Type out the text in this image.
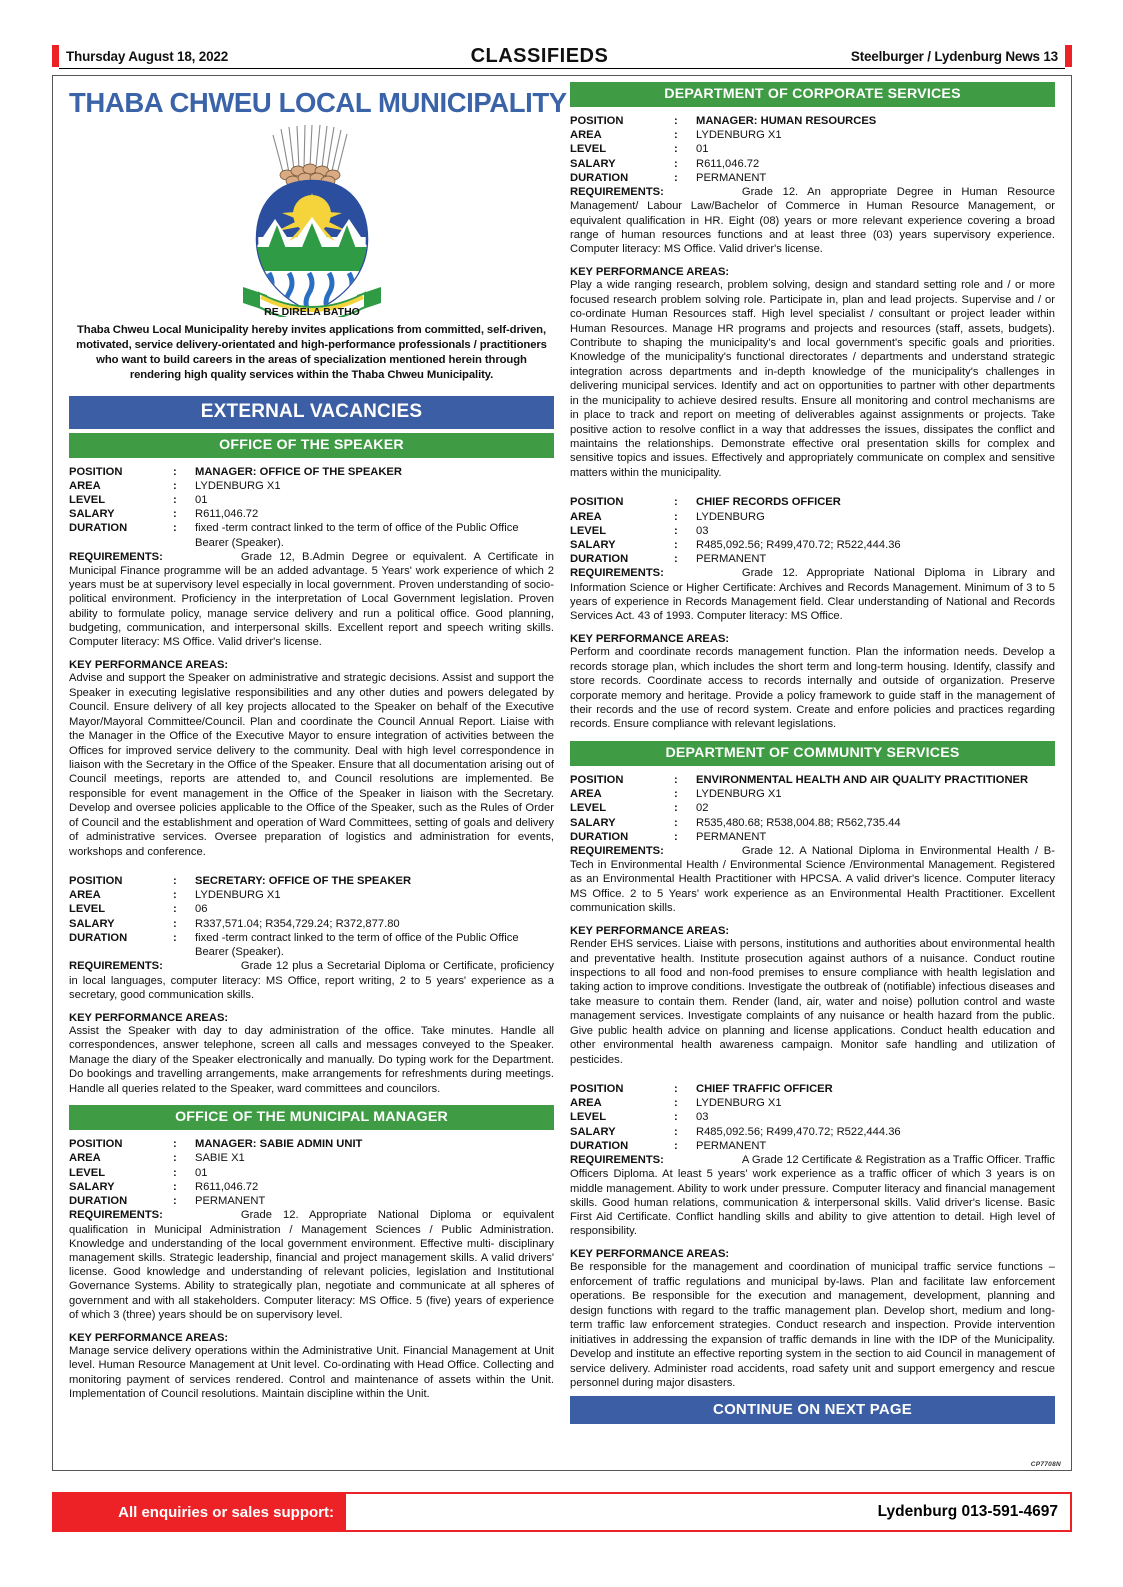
Thursday August 18, 2022	CLASSIFIEDS	Steelburger / Lydenburg News 13
THABA CHWEU LOCAL MUNICIPALITY
RE DIRELA BATHO
Thaba Chweu Local Municipality hereby invites applications from committed, self-driven, motivated, service delivery-orientated and high-performance professionals / practitioners who want to build careers in the areas of specialization mentioned herein through rendering high quality services within the Thaba Chweu Municipality.
EXTERNAL VACANCIES
OFFICE OF THE SPEAKER
POSITION	:	MANAGER: OFFICE OF THE SPEAKER
AREA	:	LYDENBURG X1
LEVEL	:	01
SALARY	:	R611,046.72
DURATION	:	fixed -term contract linked to the term of office of the Public Office Bearer (Speaker).
REQUIREMENTS:	Grade 12, B.Admin Degree or equivalent. A Certificate in Municipal Finance programme will be an added advantage. 5 Years' work experience of which 2 years must be at supervisory level especially in local government. Proven understanding of socio-political environment. Proficiency in the interpretation of Local Government legislation. Proven ability to formulate policy, manage service delivery and run a political office. Good planning, budgeting, communication, and interpersonal skills. Excellent report and speech writing skills. Computer literacy: MS Office. Valid driver's license.
KEY PERFORMANCE AREAS:
Advise and support the Speaker on administrative and strategic decisions. Assist and support the Speaker in executing legislative responsibilities and any other duties and powers delegated by Council. Ensure delivery of all key projects allocated to the Speaker on behalf of the Executive Mayor/Mayoral Committee/Council. Plan and coordinate the Council Annual Report. Liaise with the Manager in the Office of the Executive Mayor to ensure integration of activities between the Offices for improved service delivery to the community. Deal with high level correspondence in liaison with the Secretary in the Office of the Speaker. Ensure that all documentation arising out of Council meetings, reports are attended to, and Council resolutions are implemented. Be responsible for event management in the Office of the Speaker in liaison with the Secretary. Develop and oversee policies applicable to the Office of the Speaker, such as the Rules of Order of Council and the establishment and operation of Ward Committees, setting of goals and delivery of administrative services. Oversee preparation of logistics and administration for events, workshops and conference.
POSITION	:	SECRETARY: OFFICE OF THE SPEAKER
AREA	:	LYDENBURG X1
LEVEL	:	06
SALARY	:	R337,571.04; R354,729.24; R372,877.80
DURATION	:	fixed -term contract linked to the term of office of the Public Office Bearer (Speaker).
REQUIREMENTS:	Grade 12 plus a Secretarial Diploma or Certificate, proficiency in local languages, computer literacy: MS Office, report writing, 2 to 5 years' experience as a secretary, good communication skills.
KEY PERFORMANCE AREAS:
Assist the Speaker with day to day administration of the office. Take minutes. Handle all correspondences, answer telephone, screen all calls and messages conveyed to the Speaker. Manage the diary of the Speaker electronically and manually. Do typing work for the Department. Do bookings and travelling arrangements, make arrangements for refreshments during meetings. Handle all queries related to the Speaker, ward committees and councilors.
OFFICE OF THE MUNICIPAL MANAGER
POSITION	:	MANAGER: SABIE ADMIN UNIT
AREA	:	SABIE X1
LEVEL	:	01
SALARY	:	R611,046.72
DURATION	:	PERMANENT
REQUIREMENTS:	Grade 12. Appropriate National Diploma or equivalent qualification in Municipal Administration / Management Sciences / Public Administration. Knowledge and understanding of the local government environment. Effective multi- disciplinary management skills. Strategic leadership, financial and project management skills. A valid drivers' license. Good knowledge and understanding of relevant policies, legislation and Institutional Governance Systems. Ability to strategically plan, negotiate and communicate at all spheres of government and with all stakeholders. Computer literacy: MS Office. 5 (five) years of experience of which 3 (three) years should be on supervisory level.
KEY PERFORMANCE AREAS:
Manage service delivery operations within the Administrative Unit. Financial Management at Unit level. Human Resource Management at Unit level. Co-ordinating with Head Office. Collecting and monitoring payment of services rendered. Control and maintenance of assets within the Unit. Implementation of Council resolutions. Maintain discipline within the Unit.
DEPARTMENT OF CORPORATE SERVICES
POSITION	:	MANAGER: HUMAN RESOURCES
AREA	:	LYDENBURG X1
LEVEL	:	01
SALARY	:	R611,046.72
DURATION	:	PERMANENT
REQUIREMENTS:	Grade 12. An appropriate Degree in Human Resource Management/ Labour Law/Bachelor of Commerce in Human Resource Management, or equivalent qualification in HR. Eight (08) years or more relevant experience covering a broad range of human resources functions and at least three (03) years supervisory experience. Computer literacy: MS Office. Valid driver's license.
KEY PERFORMANCE AREAS:
Play a wide ranging research, problem solving, design and standard setting role and / or more focused research problem solving role. Participate in, plan and lead projects. Supervise and / or co-ordinate Human Resources staff. High level specialist / consultant or project leader within Human Resources. Manage HR programs and projects and resources (staff, assets, budgets). Contribute to shaping the municipality's and local government's specific goals and priorities. Knowledge of the municipality's functional directorates / departments and understand strategic integration across departments and in-depth knowledge of the municipality's challenges in delivering municipal services. Identify and act on opportunities to partner with other departments in the municipality to achieve desired results. Ensure all monitoring and control mechanisms are in place to track and report on meeting of deliverables against assignments or projects. Take positive action to resolve conflict in a way that addresses the issues, dissipates the conflict and maintains the relationships. Demonstrate effective oral presentation skills for complex and sensitive topics and issues. Effectively and appropriately communicate on complex and sensitive matters within the municipality.
POSITION	:	CHIEF RECORDS OFFICER
AREA	:	LYDENBURG
LEVEL	:	03
SALARY	:	R485,092.56; R499,470.72; R522,444.36
DURATION	:	PERMANENT
REQUIREMENTS:	Grade 12. Appropriate National Diploma in Library and Information Science or Higher Certificate: Archives and Records Management. Minimum of 3 to 5 years of experience in Records Management field. Clear understanding of National and Records Services Act. 43 of 1993. Computer literacy: MS Office.
KEY PERFORMANCE AREAS:
Perform and coordinate records management function. Plan the information needs. Develop a records storage plan, which includes the short term and long-term housing. Identify, classify and store records. Coordinate access to records internally and outside of organization. Preserve corporate memory and heritage. Provide a policy framework to guide staff in the management of their records and the use of record system. Create and enfore policies and practices regarding records. Ensure compliance with relevant legislations.
DEPARTMENT OF COMMUNITY SERVICES
POSITION	:	ENVIRONMENTAL HEALTH AND AIR QUALITY PRACTITIONER
AREA	:	LYDENBURG X1
LEVEL	:	02
SALARY	:	R535,480.68; R538,004.88; R562,735.44
DURATION	:	PERMANENT
REQUIREMENTS:	Grade 12. A National Diploma in Environmental Health / B-Tech in Environmental Health / Environmental Science /Environmental Management. Registered as an Environmental Health Practitioner with HPCSA. A valid driver's licence. Computer literacy MS Office. 2 to 5 Years' work experience as an Environmental Health Practitioner. Excellent communication skills.
KEY PERFORMANCE AREAS:
Render EHS services. Liaise with persons, institutions and authorities about environmental health and preventative health. Institute prosecution against authors of a nuisance. Conduct routine inspections to all food and non-food premises to ensure compliance with health legislation and taking action to improve conditions. Investigate the outbreak of (notifiable) infectious diseases and take measure to contain them. Render (land, air, water and noise) pollution control and waste management services. Investigate complaints of any nuisance or health hazard from the public. Give public health advice on planning and license applications. Conduct health education and other environmental health awareness campaign. Monitor safe handling and utilization of pesticides.
POSITION	:	CHIEF TRAFFIC OFFICER
AREA	:	LYDENBURG X1
LEVEL	:	03
SALARY	:	R485,092.56; R499,470.72; R522,444.36
DURATION	:	PERMANENT
REQUIREMENTS:	A Grade 12 Certificate & Registration as a Traffic Officer. Traffic Officers Diploma. At least 5 years' work experience as a traffic officer of which 3 years is on middle management. Ability to work under pressure. Computer literacy and financial management skills. Good human relations, communication & interpersonal skills. Valid driver's license. Basic First Aid Certificate. Conflict handling skills and ability to give attention to detail. High level of responsibility.
KEY PERFORMANCE AREAS:
Be responsible for the management and coordination of municipal traffic service functions – enforcement of traffic regulations and municipal by-laws. Plan and facilitate law enforcement operations. Be responsible for the execution and management, development, planning and design functions with regard to the traffic management plan. Develop short, medium and long-term traffic law enforcement strategies. Conduct research and inspection. Provide intervention initiatives in addressing the expansion of traffic demands in line with the IDP of the Municipality. Develop and institute an effective reporting system in the section to aid Council in management of service delivery. Administer road accidents, road safety unit and support emergency and rescue personnel during major disasters.
CONTINUE ON NEXT PAGE
CP7708N
All enquiries or sales support:	Lydenburg 013-591-4697
